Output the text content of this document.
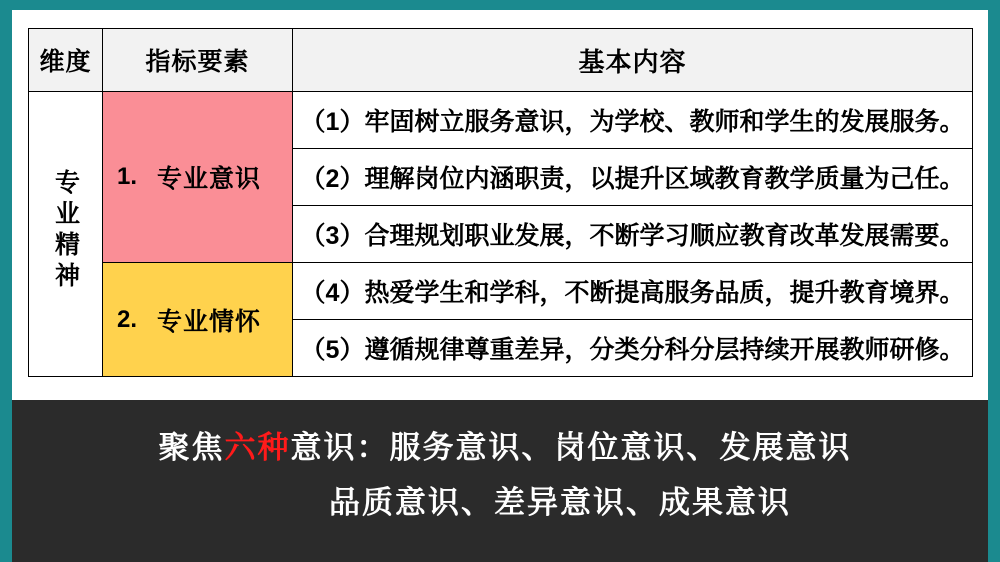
维度	指标要素	基本内容
专业精神	1. 专业意识	（1）牢固树立服务意识，为学校、教师和学生的发展服务。
		（2）理解岗位内涵职责，以提升区域教育教学质量为己任。
		（3）合理规划职业发展，不断学习顺应教育改革发展需要。

	2. 专业情怀	（4）热爱学生和学科，不断提高服务品质，提升教育境界。
		（5）遵循规律尊重差异，分类分科分层持续开展教师研修。
聚焦六种意识：服务意识、岗位意识、发展意识
品质意识、差异意识、成果意识
